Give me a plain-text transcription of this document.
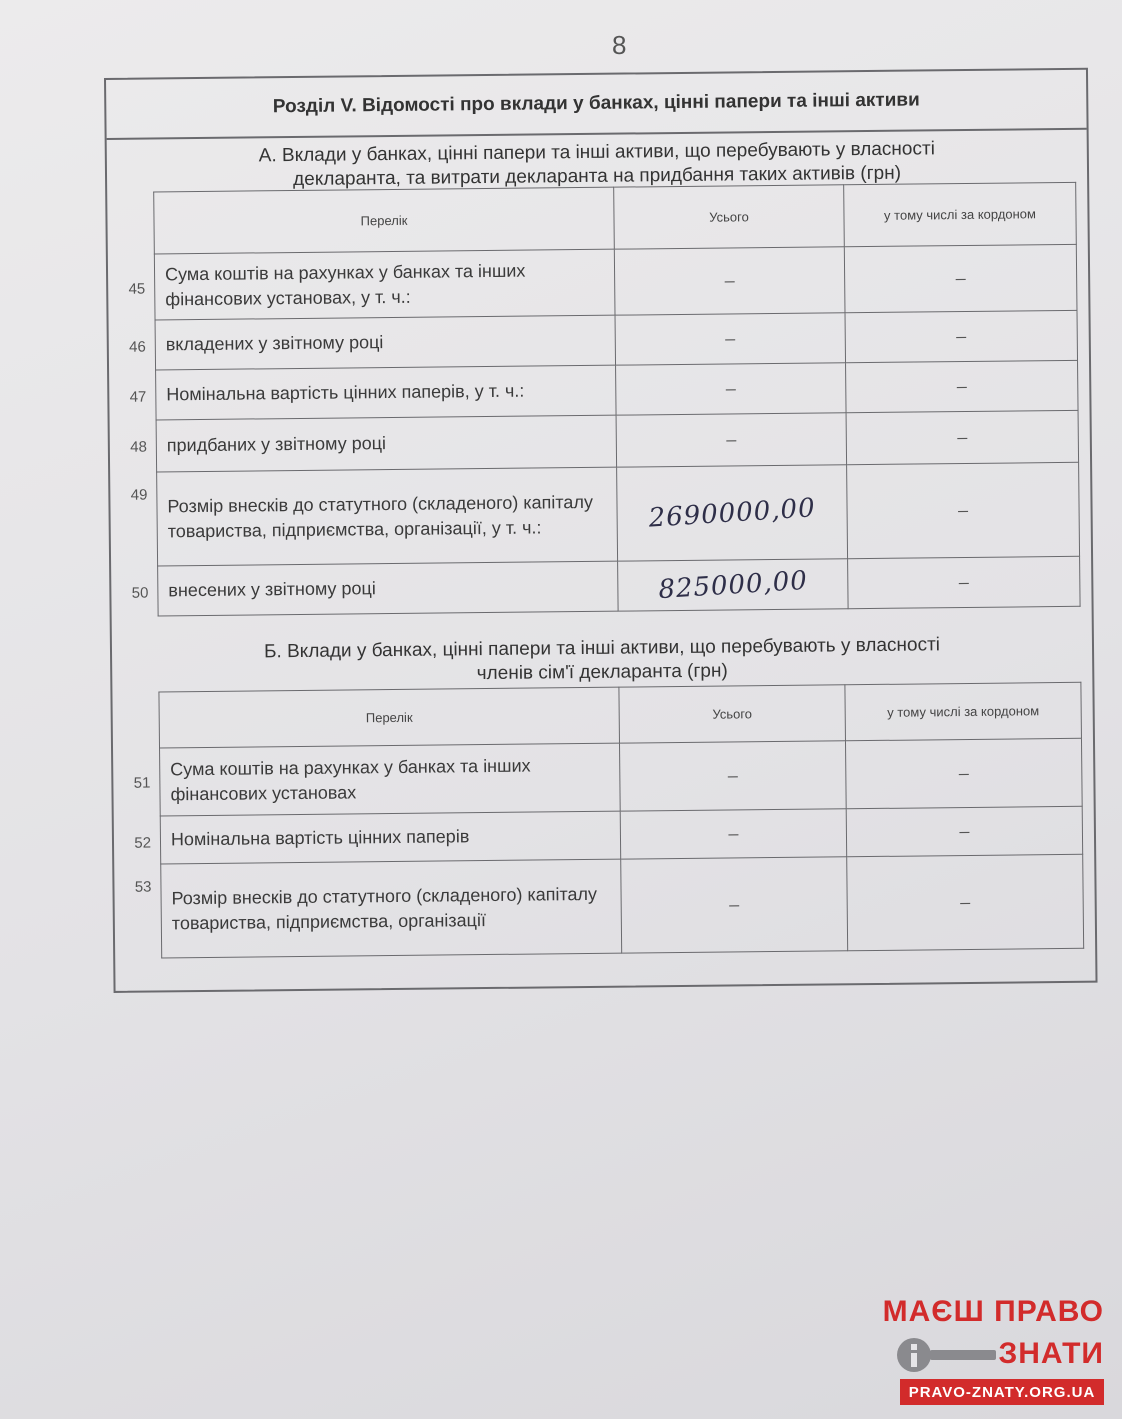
8
Розділ V. Відомості про вклади у банках, цінні папери та інші активи
А. Вклади у банках, цінні папери та інші активи, що перебувають у власності
декларанта, та витрати декларанта на придбання таких активів (грн)
Перелік	Усього	у тому числі за кордоном

45
Сума коштів на рахунках у банках та інших фінансових установах, у т. ч.:	–	–

46 вкладених у звітному році	–	–

47 Номінальна вартість цінних паперів, у т. ч.:	–	–

48 придбаних у звітному році	–	–

49 Розмір внесків до статутного (складеного) капіталу товариства, підприємства, організації, у т. ч.:	2690000,00	–

50 внесених у звітному році	825000,00	–
Б. Вклади у банках, цінні папери та інші активи, що перебувають у власності
членів сім'ї декларанта (грн)
Перелік	Усього	у тому числі за кордоном

51
Сума коштів на рахунках у банках та інших фінансових установах	–	–

52 Номінальна вартість цінних паперів	–	–

53 Розмір внесків до статутного (складеного) капіталу товариства, підприємства, організації	–	–
МАЄШ ПРАВО
ЗНАТИ
PRAVO-ZNATY.ORG.UA
